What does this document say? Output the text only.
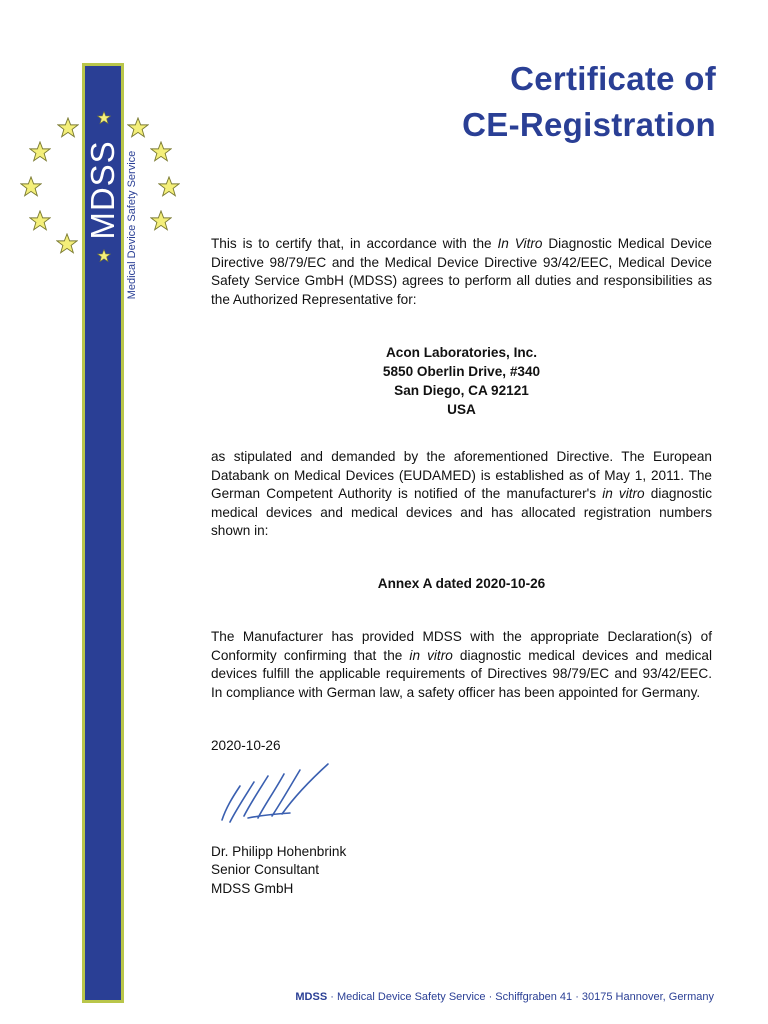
MDSS Medical Device Safety Service
Certificate of
CE-Registration
This is to certify that, in accordance with the In Vitro Diagnostic Medical Device Directive 98/79/EC and the Medical Device Directive 93/42/EEC, Medical Device Safety Service GmbH (MDSS) agrees to perform all duties and responsibilities as the Authorized Representative for:
Acon Laboratories, Inc.
5850 Oberlin Drive, #340
San Diego, CA 92121
USA
as stipulated and demanded by the aforementioned Directive. The European Databank on Medical Devices (EUDAMED) is established as of May 1, 2011. The German Competent Authority is notified of the manufacturer's in vitro diagnostic medical devices and medical devices and has allocated registration numbers shown in:
Annex A dated 2020-10-26
The Manufacturer has provided MDSS with the appropriate Declaration(s) of Conformity confirming that the in vitro diagnostic medical devices and medical devices fulfill the applicable requirements of Directives 98/79/EC and 93/42/EEC. In compliance with German law, a safety officer has been appointed for Germany.
2020-10-26
Dr. Philipp Hohenbrink
Senior Consultant
MDSS GmbH
MDSS · Medical Device Safety Service · Schiffgraben 41 · 30175 Hannover, Germany
